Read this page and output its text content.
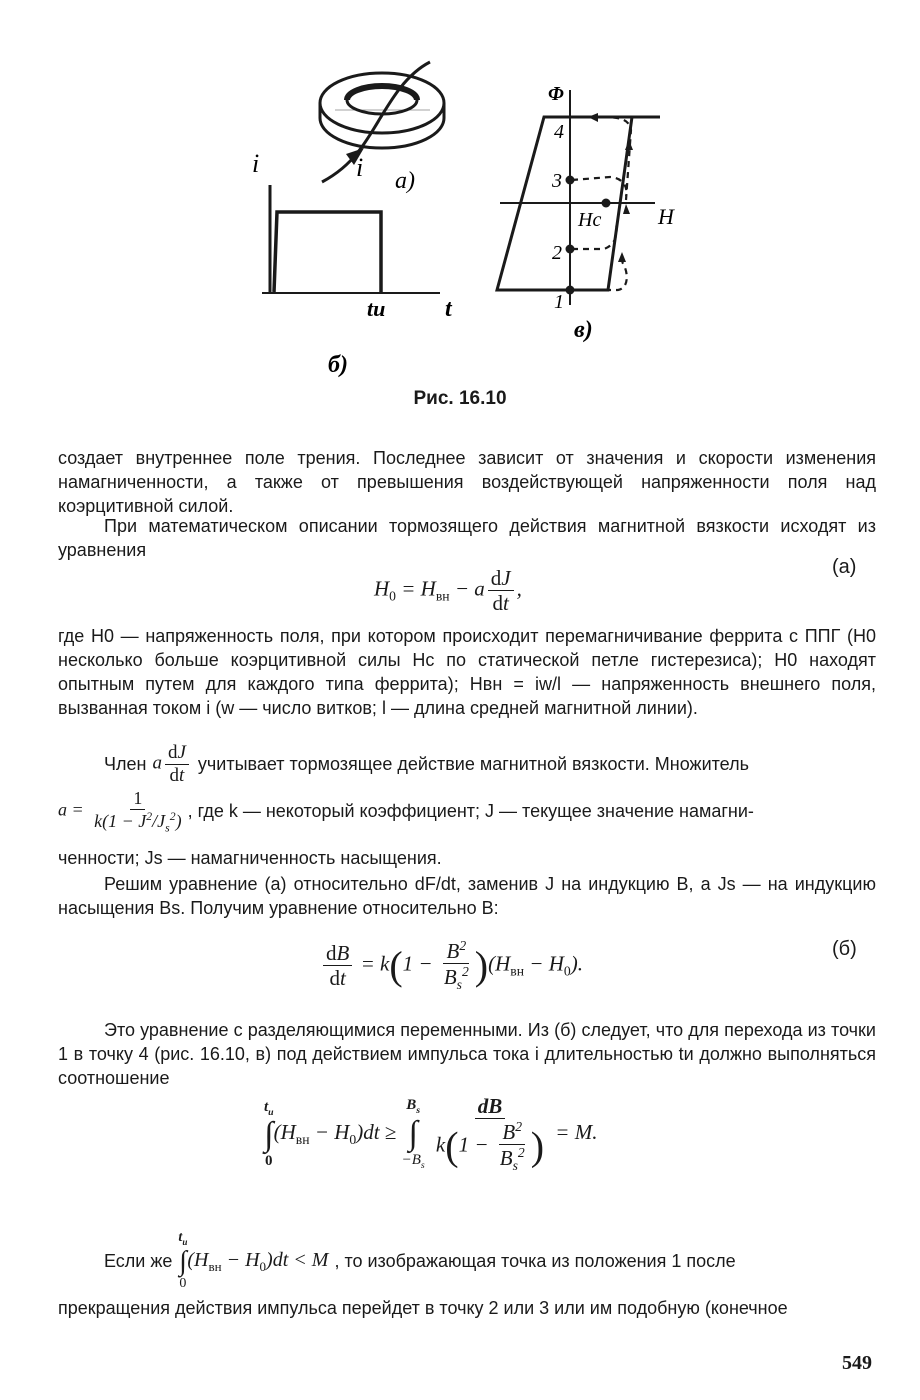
i a)
i
t
tи
б)
Φ
H
Hc
1
2
3
4
в)
Рис. 16.10
создает внутреннее поле трения. Последнее зависит от значения и скорости изменения намагниченности, а также от превышения воздействующей напряженности поля над коэрцитивной силой.
При математическом описании тормозящего действия магнитной вязкости исходят из уравнения
$H_0 = H_{вн} - a \frac{dJ}{dt}$ ,
(а)
где H0 — напряженность поля, при котором происходит перемагничивание феррита с ППГ (H0 несколько больше коэрцитивной силы Hc по статической петле гистерезиса); H0 находят опытным путем для каждого типа феррита); Hвн = iw/l — напряженность внешнего поля, вызванная током i (w — число витков; l — длина средней магнитной линии).
Член a $\frac{dJ}{dt}$ учитывает тормозящее действие магнитной вязкости. Множитель
$a = \frac{1}{k(1 - J^2/J_s^2)}$ , где k — некоторый коэффициент; J — текущее значение намагни-
ченности; Js — намагниченность насыщения.
Решим уравнение (а) относительно dF/dt, заменив J на индукцию B, а Js — на индукцию насыщения Bs. Получим уравнение относительно B:
$\frac{dB}{dt} = k(1 - \frac{B^2}{B_s^2} )(H_{вн} - H_0)$.
(б)
Это уравнение с разделяющимися переменными. Из (б) следует, что для перехода из точки 1 в точку 4 (рис. 16.10, в) под действием импульса тока i длительностью tи должно выполняться соотношение
$t_и$
∫
0
$(H_{вн} - H_0)dt$ ≥
$B_s$
∫
$-B_s$
$\frac{dB}{k(1 - \frac{B^2}{B_s^2} )} = M$.
Если же
$t_и$
∫
0
$(H_{вн} - H_0)dt < M$ , то изображающая точка из положения 1 после
прекращения действия импульса перейдет в точку 2 или 3 или им подобную (конечное
549
